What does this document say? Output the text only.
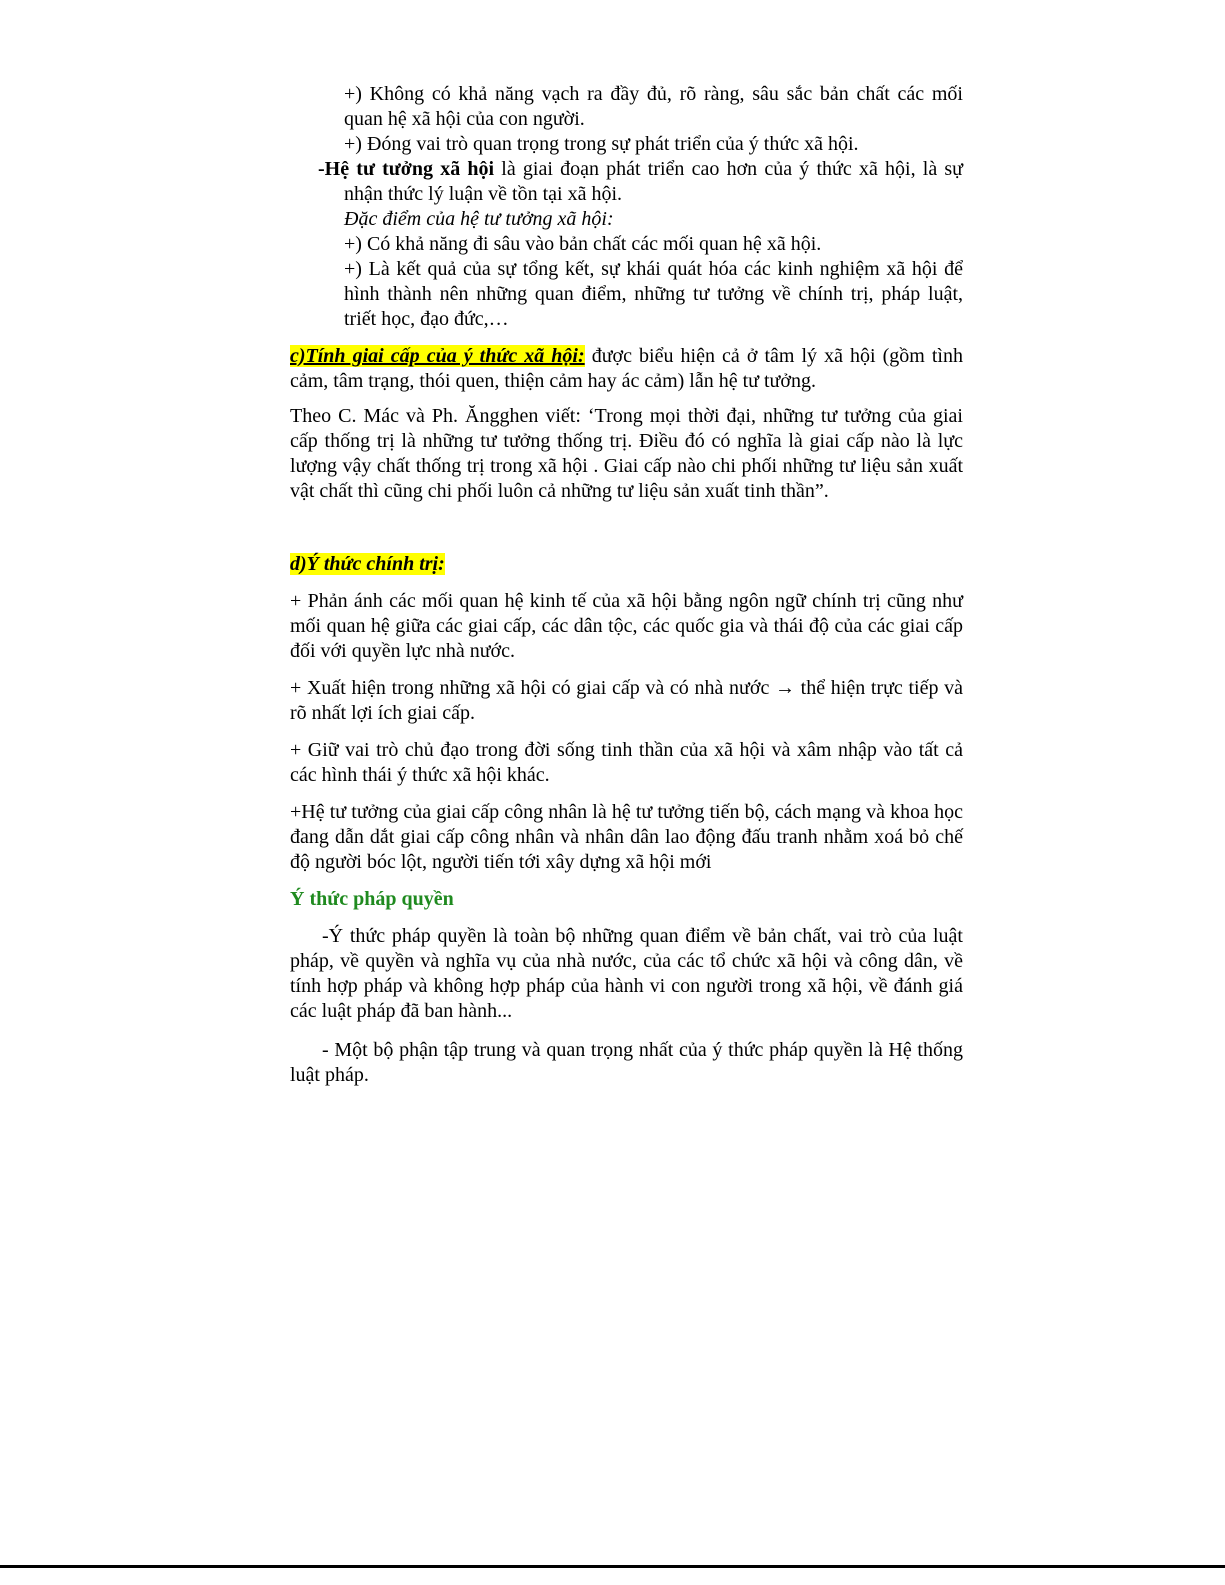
+) Không có khả năng vạch ra đầy đủ, rõ ràng, sâu sắc bản chất các mối quan hệ xã hội của con người.

+) Đóng vai trò quan trọng trong sự phát triển của ý thức xã hội.

-Hệ tư tưởng xã hội là giai đoạn phát triển cao hơn của ý thức xã hội, là sự nhận thức lý luận về tồn tại xã hội.

Đặc điểm của hệ tư tưởng xã hội:

+) Có khả năng đi sâu vào bản chất các mối quan hệ xã hội.

+) Là kết quả của sự tổng kết, sự khái quát hóa các kinh nghiệm xã hội để hình thành nên những quan điểm, những tư tưởng về chính trị, pháp luật, triết học, đạo đức,…

c)Tính giai cấp của ý thức xã hội: được biểu hiện cả ở tâm lý xã hội (gồm tình cảm, tâm trạng, thói quen, thiện cảm hay ác cảm) lẫn hệ tư tưởng.

Theo C. Mác và Ph. Ăngghen viết: ‘Trong mọi thời đại, những tư tưởng của giai cấp thống trị là những tư tưởng thống trị. Điều đó có nghĩa là giai cấp nào là lực lượng vậy chất thống trị trong xã hội . Giai cấp nào chi phối những tư liệu sản xuất vật chất thì cũng chi phối luôn cả những tư liệu sản xuất tinh thần”.

d)Ý thức chính trị:

+ Phản ánh các mối quan hệ kinh tế của xã hội bằng ngôn ngữ chính trị cũng như mối quan hệ giữa các giai cấp, các dân tộc, các quốc gia và thái độ của các giai cấp đối với quyền lực nhà nước.

+ Xuất hiện trong những xã hội có giai cấp và có nhà nước → thể hiện trực tiếp và rõ nhất lợi ích giai cấp.

+ Giữ vai trò chủ đạo trong đời sống tinh thần của xã hội và xâm nhập vào tất cả các hình thái ý thức xã hội khác.

+Hệ tư tưởng của giai cấp công nhân là hệ tư tưởng tiến bộ, cách mạng và khoa học đang dẫn dắt giai cấp công nhân và nhân dân lao động đấu tranh nhằm xoá bỏ chế độ người bóc lột, người tiến tới xây dựng xã hội mới

Ý thức pháp quyền

-Ý thức pháp quyền là toàn bộ những quan điểm về bản chất, vai trò của luật pháp, về quyền và nghĩa vụ của nhà nước, của các tổ chức xã hội và công dân, về tính hợp pháp và không hợp pháp của hành vi con người trong xã hội, về đánh giá các luật pháp đã ban hành...

- Một bộ phận tập trung và quan trọng nhất của ý thức pháp quyền là Hệ thống luật pháp.
